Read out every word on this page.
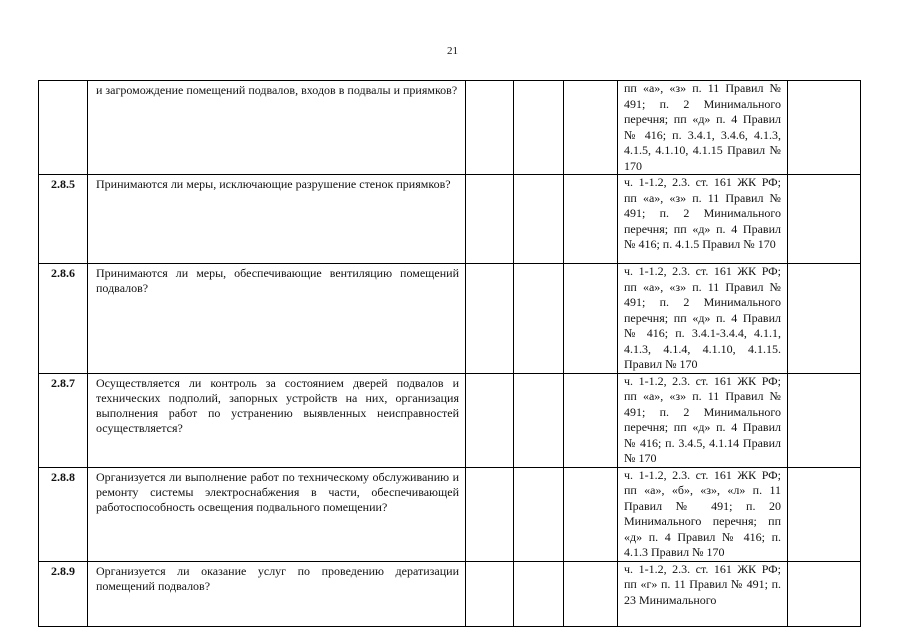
21
	и загромождение помещений подвалов, входов в подвалы и приямков?				пп «а», «з» п. 11 Правил № 491; п. 2 Минимального перечня; пп «д» п. 4 Правил № 416; п. 3.4.1, 3.4.6, 4.1.3, 4.1.5, 4.1.10, 4.1.15 Правил № 170	
2.8.5	Принимаются ли меры, исключающие разрушение стенок приямков?				ч. 1-1.2, 2.3. ст. 161 ЖК РФ; пп «а», «з» п. 11 Правил № 491; п. 2 Минимального перечня; пп «д» п. 4 Правил № 416; п. 4.1.5 Правил № 170	
2.8.6	Принимаются ли меры, обеспечивающие вентиляцию помещений подвалов?				ч. 1-1.2, 2.3. ст. 161 ЖК РФ; пп «а», «з» п. 11 Правил № 491; п. 2 Минимального перечня; пп «д» п. 4 Правил № 416; п. 3.4.1-3.4.4, 4.1.1, 4.1.3, 4.1.4, 4.1.10, 4.1.15. Правил № 170	
2.8.7	Осуществляется ли контроль за состоянием дверей подвалов и технических подполий, запорных устройств на них, организация выполнения работ по устранению выявленных неисправностей осуществляется?				ч. 1-1.2, 2.3. ст. 161 ЖК РФ; пп «а», «з» п. 11 Правил № 491; п. 2 Минимального перечня; пп «д» п. 4 Правил № 416; п. 3.4.5, 4.1.14 Правил № 170	
2.8.8	Организуется ли выполнение работ по техническому обслуживанию и ремонту системы электроснабжения в части, обеспечивающей работоспособность освещения подвального помещении?				ч. 1-1.2, 2.3. ст. 161 ЖК РФ; пп «а», «б», «з», «л» п. 11 Правил № 491; п. 20 Минимального перечня; пп «д» п. 4 Правил № 416; п. 4.1.3 Правил № 170	
2.8.9	Организуется ли оказание услуг по проведению дератизации помещений подвалов?				ч. 1-1.2, 2.3. ст. 161 ЖК РФ; пп «г» п. 11 Правил № 491; п. 23 Минимального	
